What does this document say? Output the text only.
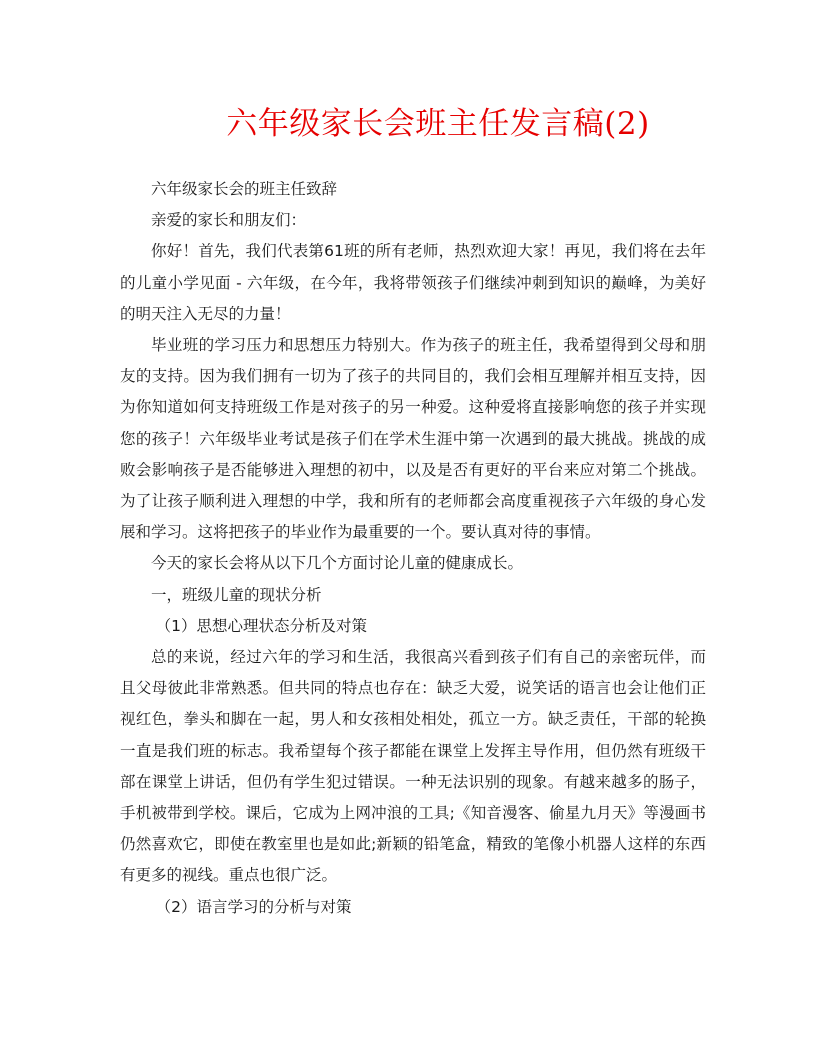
六年级家长会班主任发言稿(2)

六年级家长会的班主任致辞

亲爱的家长和朋友们：

你好！首先，我们代表第61班的所有老师，热烈欢迎大家！再见，我们将在去年的儿童小学见面 - 六年级，在今年，我将带领孩子们继续冲刺到知识的巅峰，为美好的明天注入无尽的力量！

毕业班的学习压力和思想压力特别大。作为孩子的班主任，我希望得到父母和朋友的支持。因为我们拥有一切为了孩子的共同目的，我们会相互理解并相互支持，因为你知道如何支持班级工作是对孩子的另一种爱。这种爱将直接影响您的孩子并实现您的孩子！六年级毕业考试是孩子们在学术生涯中第一次遇到的最大挑战。挑战的成败会影响孩子是否能够进入理想的初中，以及是否有更好的平台来应对第二个挑战。为了让孩子顺利进入理想的中学，我和所有的老师都会高度重视孩子六年级的身心发展和学习。这将把孩子的毕业作为最重要的一个。要认真对待的事情。

今天的家长会将从以下几个方面讨论儿童的健康成长。

一，班级儿童的现状分析

（1）思想心理状态分析及对策

总的来说，经过六年的学习和生活，我很高兴看到孩子们有自己的亲密玩伴，而且父母彼此非常熟悉。但共同的特点也存在：缺乏大爱，说笑话的语言也会让他们正视红色，拳头和脚在一起，男人和女孩相处相处，孤立一方。缺乏责任，干部的轮换一直是我们班的标志。我希望每个孩子都能在课堂上发挥主导作用，但仍然有班级干部在课堂上讲话，但仍有学生犯过错误。一种无法识别的现象。有越来越多的肠子，手机被带到学校。课后，它成为上网冲浪的工具;《知音漫客、偷星九月天》等漫画书仍然喜欢它，即使在教室里也是如此;新颖的铅笔盒，精致的笔像小机器人这样的东西有更多的视线。重点也很广泛。

（2）语言学习的分析与对策
